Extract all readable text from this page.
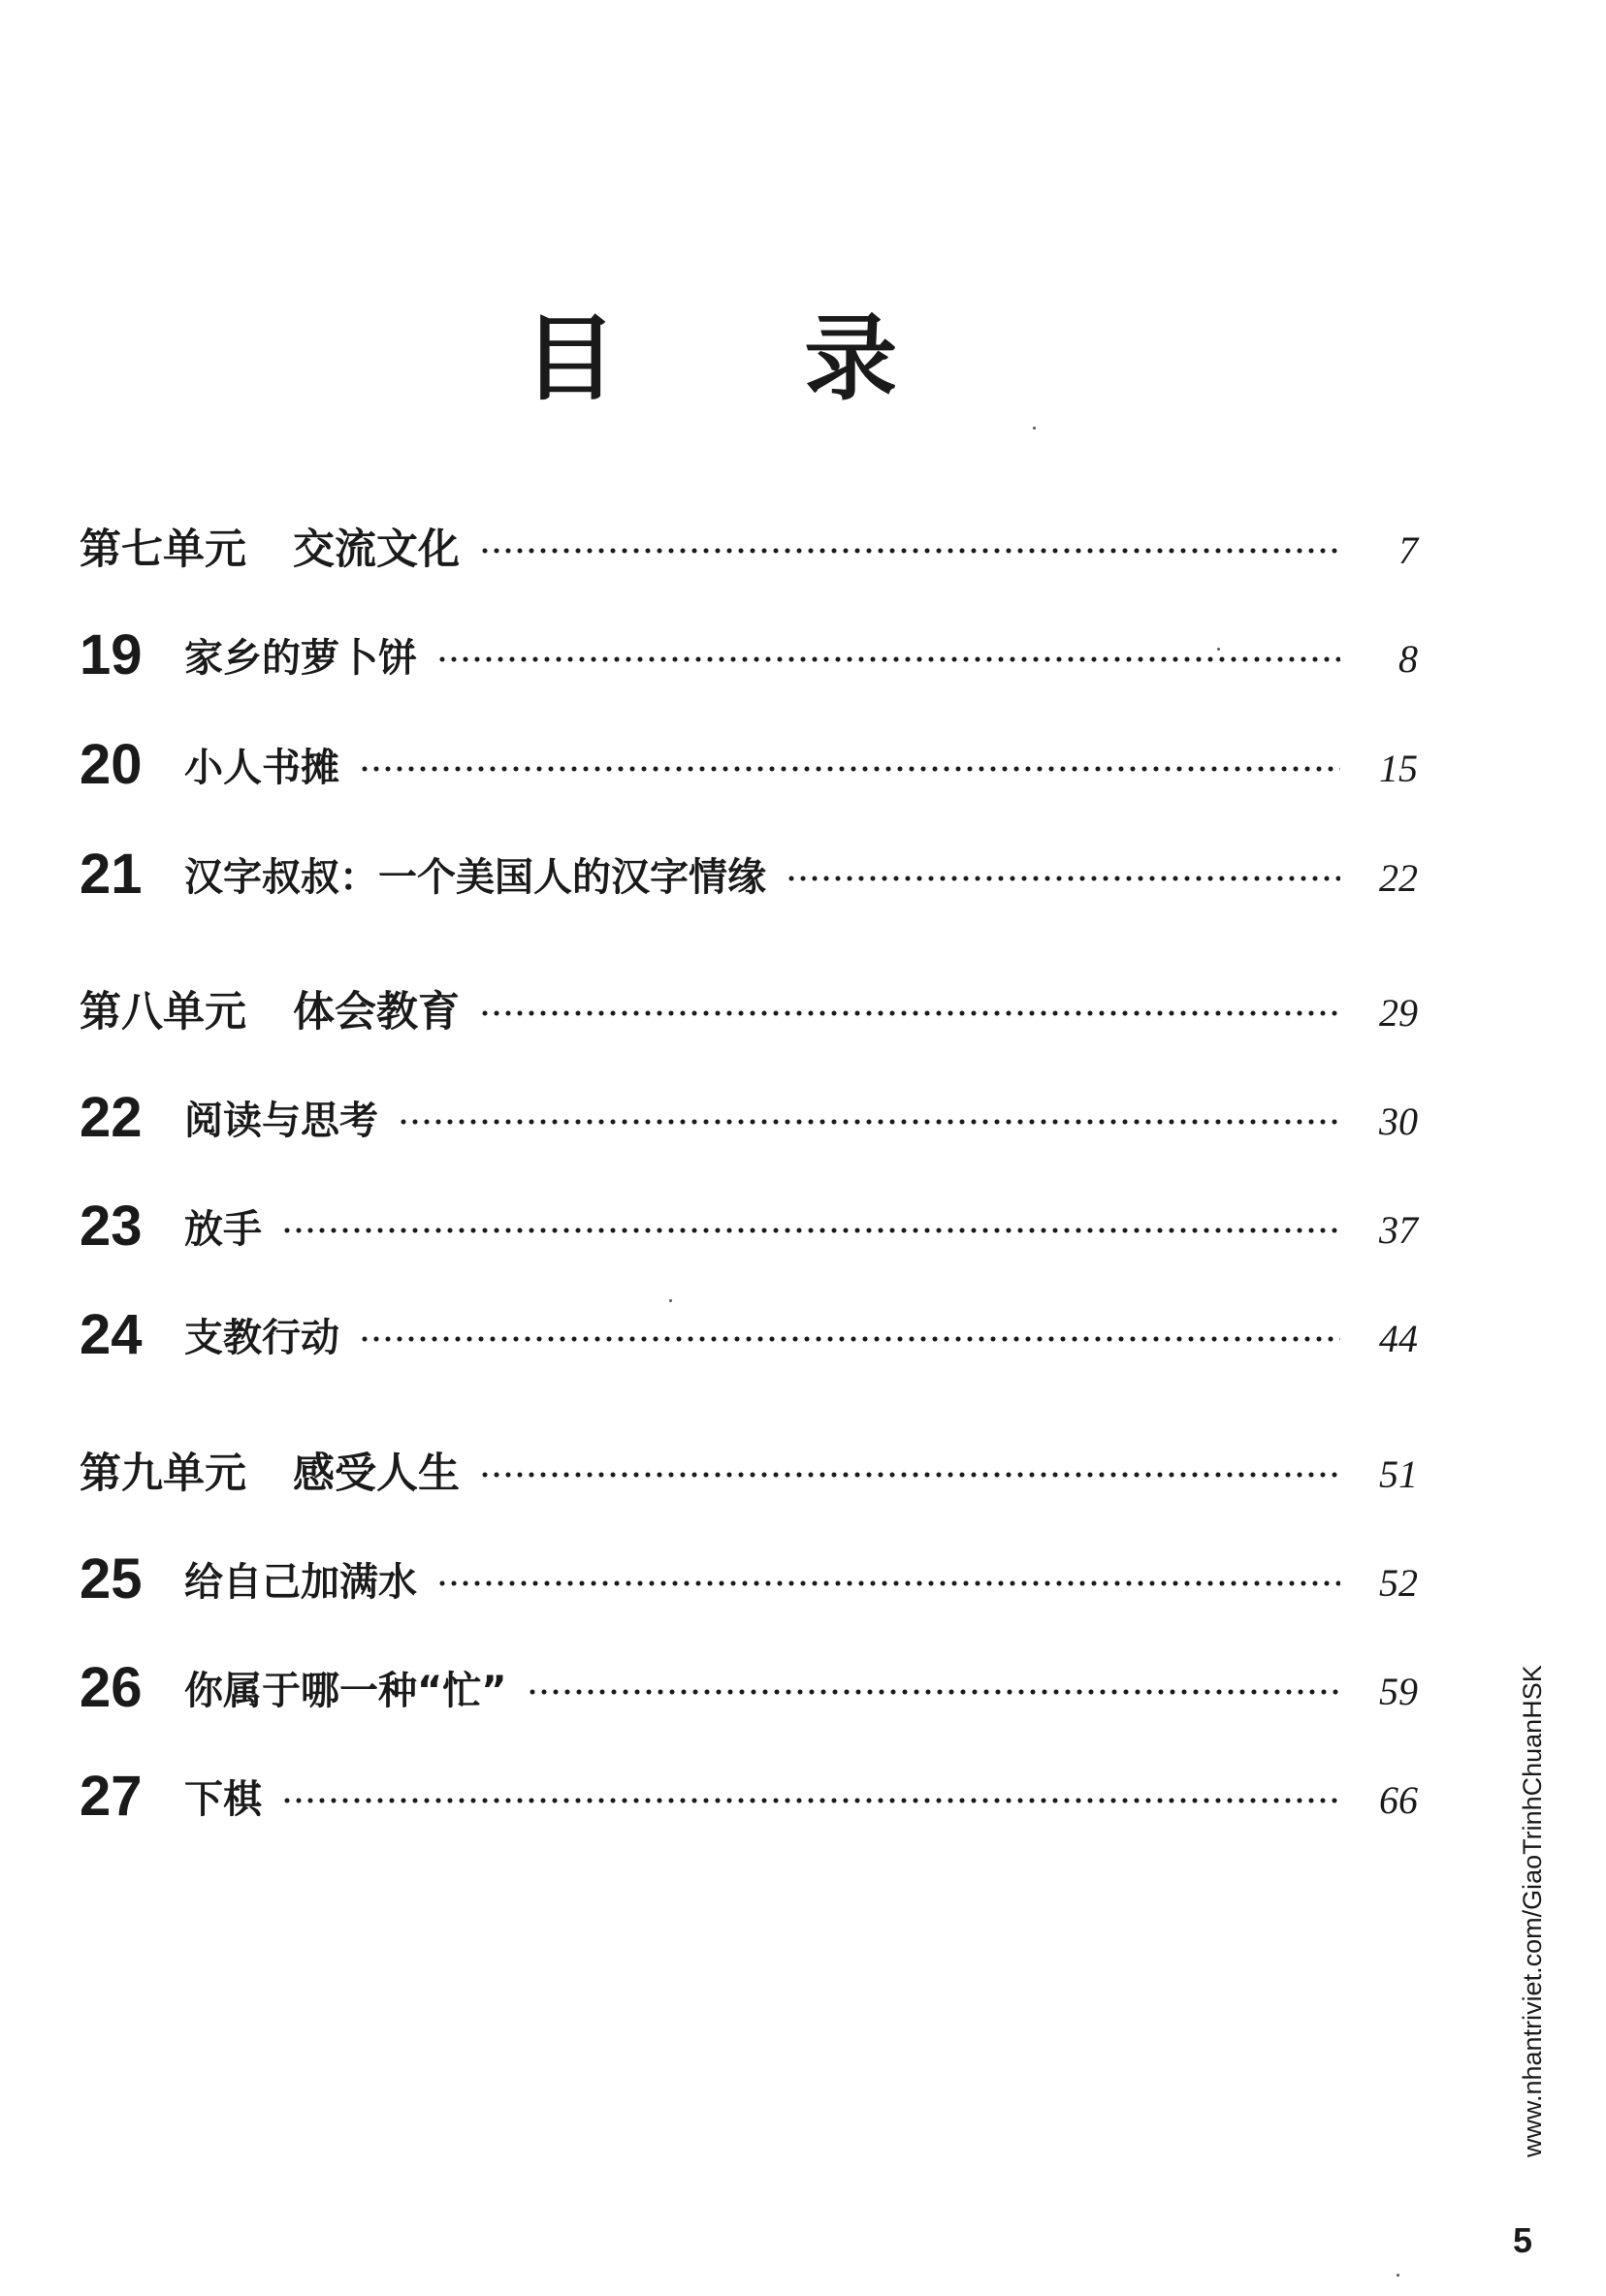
目 录
第七单元 交流文化	7
19	家乡的萝卜饼	8
20	小人书摊	15
21	汉字叔叔：一个美国人的汉字情缘	22
第八单元 体会教育	29
22	阅读与思考	30
23	放手	37
24	支教行动	44
第九单元 感受人生	51
25	给自己加满水	52
26	你属于哪一种“忙”	59
27	下棋	66	www.nhantriviet.com/GiaoTrinhChuanHSK
5
